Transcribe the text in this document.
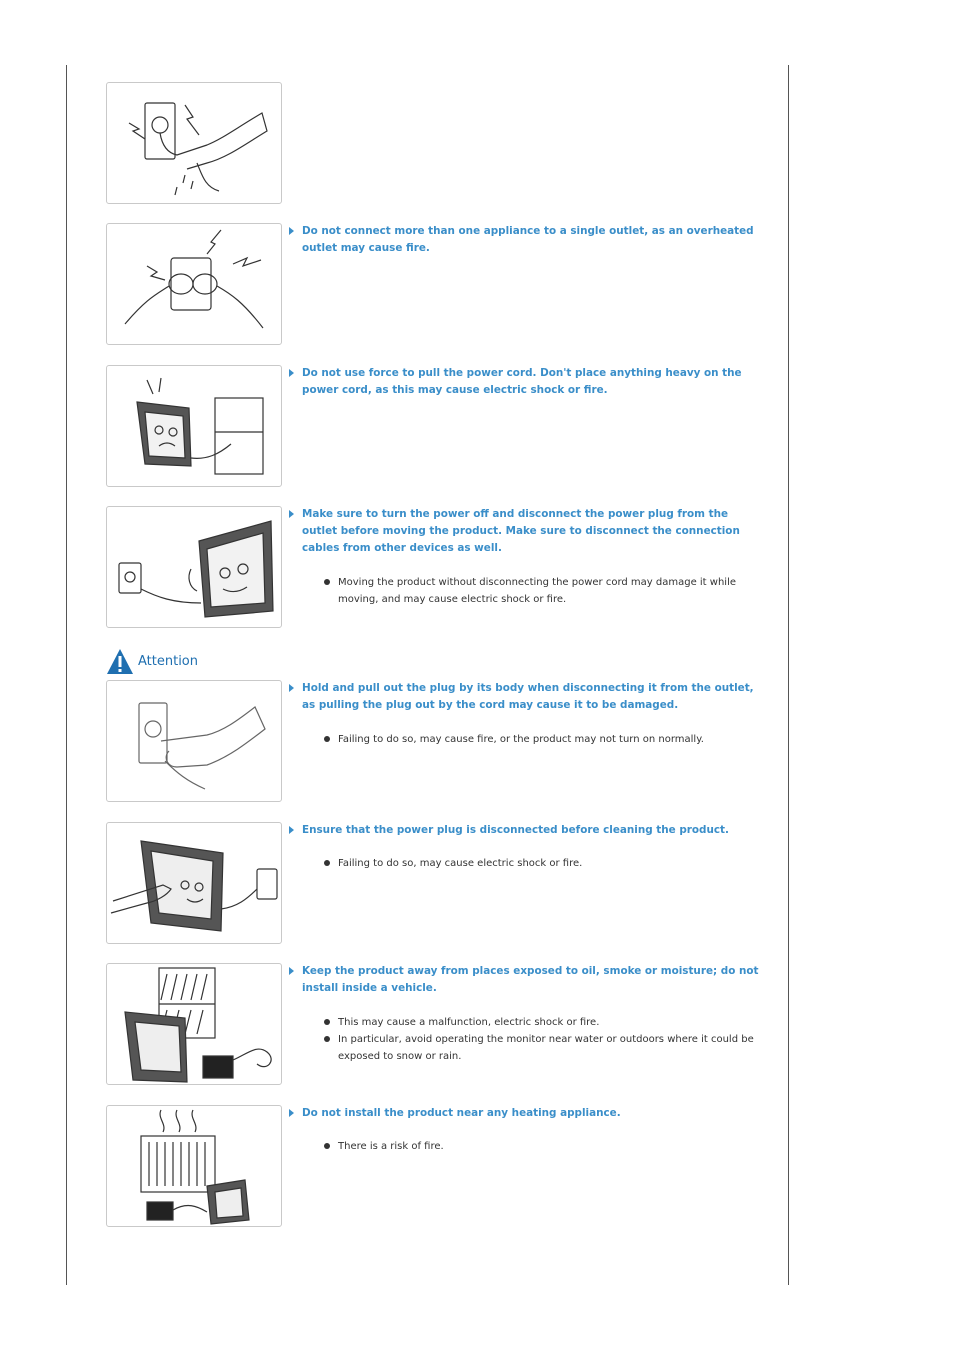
Do not connect more than one appliance to a single outlet, as an overheated outlet may cause fire.
Do not use force to pull the power cord. Don't place anything heavy on the power cord, as this may cause electric shock or fire.
Make sure to turn the power off and disconnect the power plug from the outlet before moving the product. Make sure to disconnect the connection cables from other devices as well.
Moving the product without disconnecting the power cord may damage it while moving, and may cause electric shock or fire.
Attention
Hold and pull out the plug by its body when disconnecting it from the outlet, as pulling the plug out by the cord may cause it to be damaged.
Failing to do so, may cause fire, or the product may not turn on normally.
Ensure that the power plug is disconnected before cleaning the product.
Failing to do so, may cause electric shock or fire.
Keep the product away from places exposed to oil, smoke or moisture; do not install inside a vehicle.
This may cause a malfunction, electric shock or fire.
In particular, avoid operating the monitor near water or outdoors where it could be exposed to snow or rain.
Do not install the product near any heating appliance.
There is a risk of fire.
